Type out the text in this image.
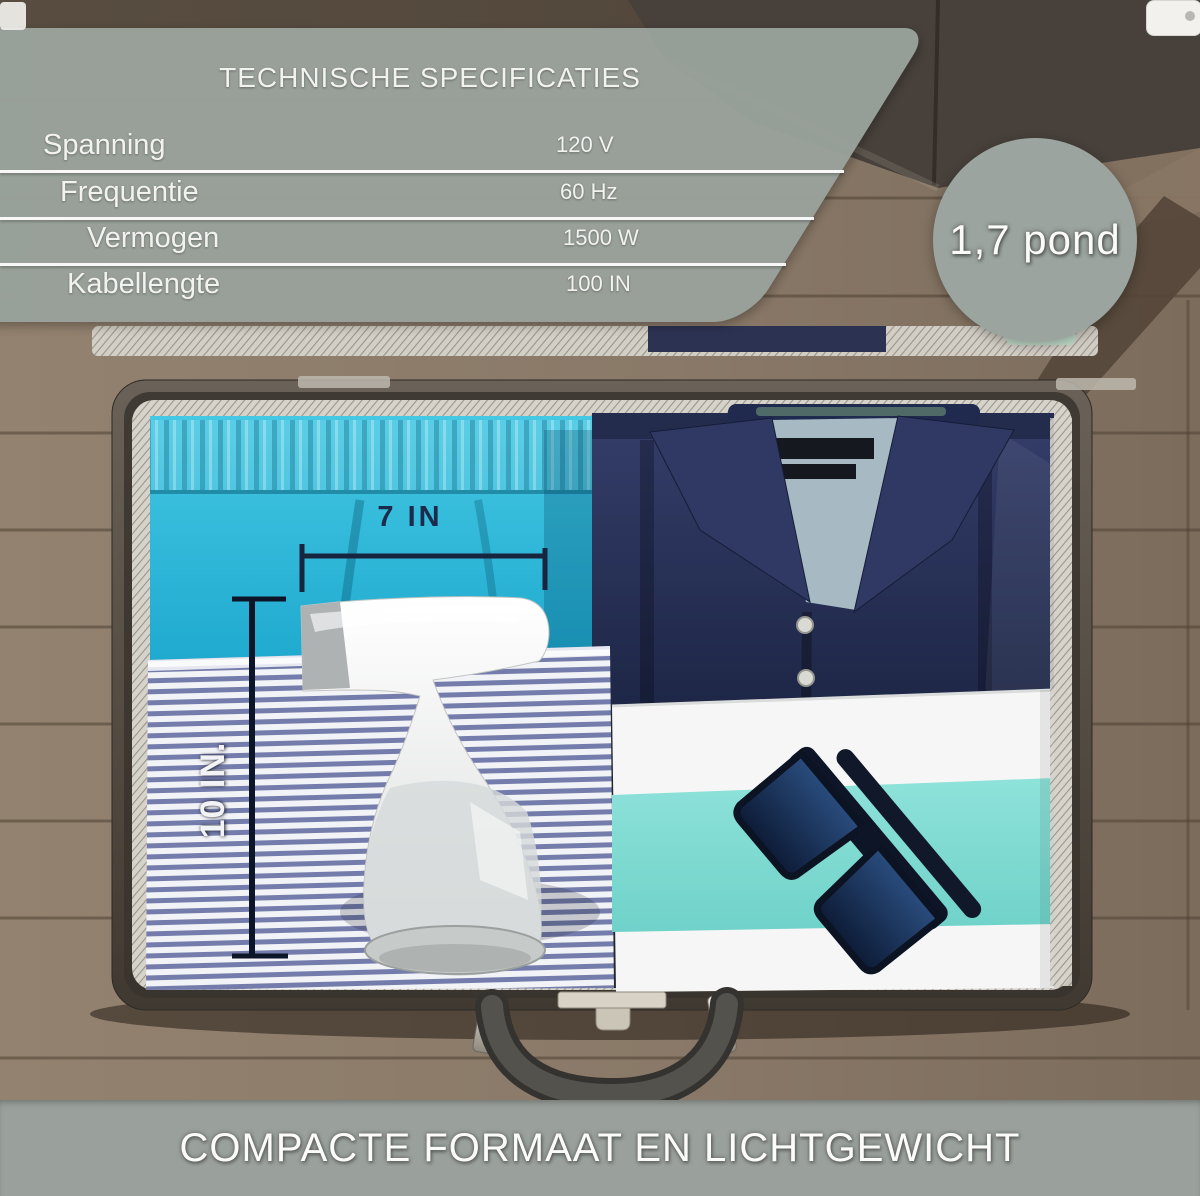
TECHNISCHE SPECIFICATIES
Spanning	120 V
Frequentie	60 Hz
Vermogen	1500 W
Kabellengte	100 IN
1,7 pond
7 IN
10 IN.
COMPACTE FORMAAT EN LICHTGEWICHT
